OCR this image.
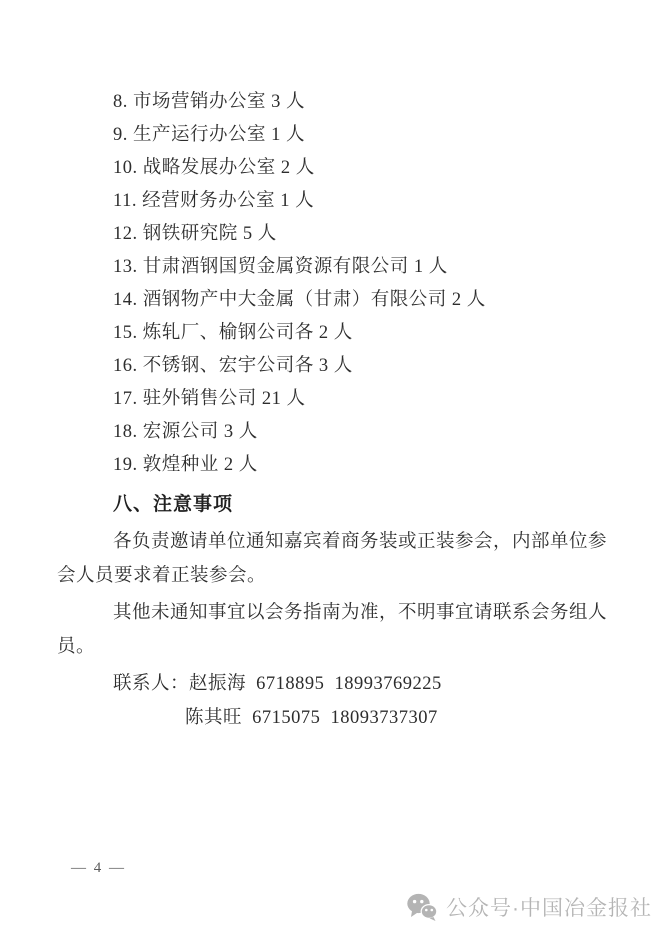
8. 市场营销办公室 3 人
9. 生产运行办公室 1 人
10. 战略发展办公室 2 人
11. 经营财务办公室 1 人
12. 钢铁研究院 5 人
13. 甘肃酒钢国贸金属资源有限公司 1 人
14. 酒钢物产中大金属（甘肃）有限公司 2 人
15. 炼轧厂、榆钢公司各 2 人
16. 不锈钢、宏宇公司各 3 人
17. 驻外销售公司 21 人
18. 宏源公司 3 人
19. 敦煌种业 2 人
八、注意事项
各负责邀请单位通知嘉宾着商务装或正装参会，内部单位参
会人员要求着正装参会。
其他未通知事宜以会务指南为准，不明事宜请联系会务组人
员。
联系人：赵振海 6718895 18993769225
陈其旺 6715075 18093737307
— 4 —
公众号·中国冶金报社
